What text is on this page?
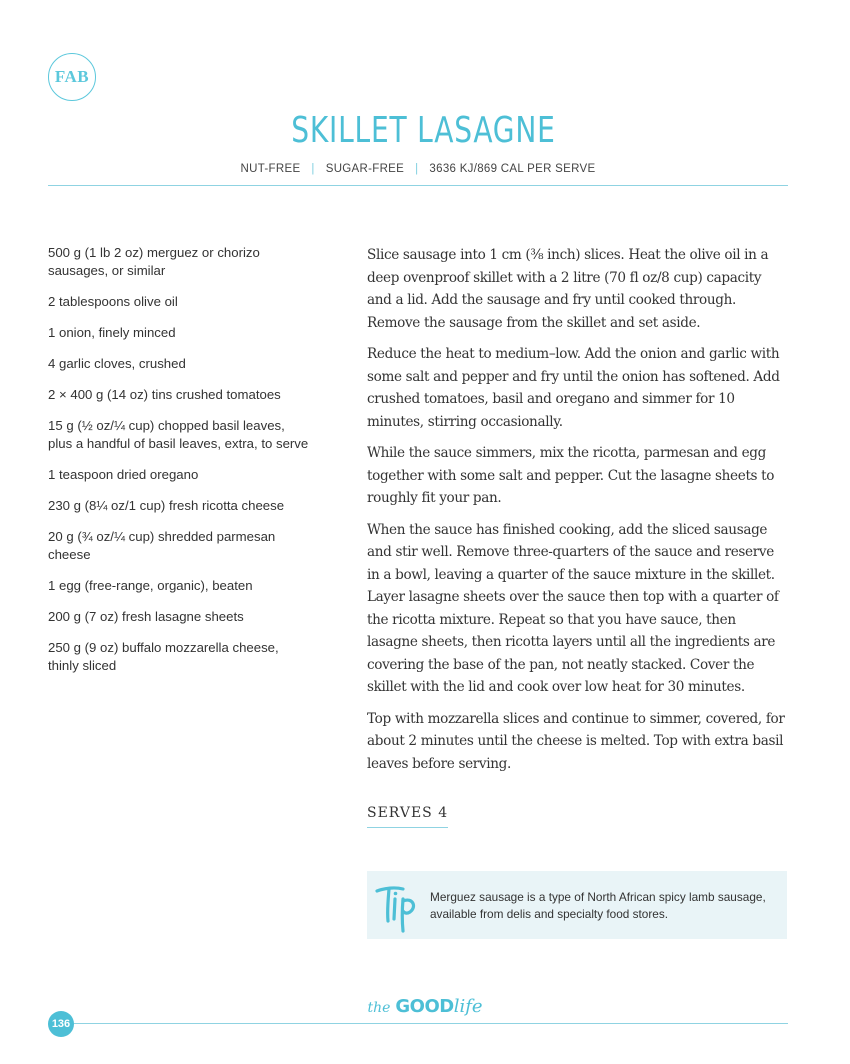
FAB
SKILLET LASAGNE
NUT-FREE | SUGAR-FREE | 3636 KJ/869 CAL PER SERVE
500 g (1 lb 2 oz) merguez or chorizo sausages, or similar
2 tablespoons olive oil
1 onion, finely minced
4 garlic cloves, crushed
2 × 400 g (14 oz) tins crushed tomatoes
15 g (½ oz/¼ cup) chopped basil leaves, plus a handful of basil leaves, extra, to serve
1 teaspoon dried oregano
230 g (8¼ oz/1 cup) fresh ricotta cheese
20 g (¾ oz/¼ cup) shredded parmesan cheese
1 egg (free-range, organic), beaten
200 g (7 oz) fresh lasagne sheets
250 g (9 oz) buffalo mozzarella cheese, thinly sliced

Slice sausage into 1 cm (⅜ inch) slices. Heat the olive oil in a deep ovenproof skillet with a 2 litre (70 fl oz/8 cup) capacity and a lid. Add the sausage and fry until cooked through. Remove the sausage from the skillet and set aside.

Reduce the heat to medium–low. Add the onion and garlic with some salt and pepper and fry until the onion has softened. Add crushed tomatoes, basil and oregano and simmer for 10 minutes, stirring occasionally.

While the sauce simmers, mix the ricotta, parmesan and egg together with some salt and pepper. Cut the lasagne sheets to roughly fit your pan.

When the sauce has finished cooking, add the sliced sausage and stir well. Remove three-quarters of the sauce and reserve in a bowl, leaving a quarter of the sauce mixture in the skillet. Layer lasagne sheets over the sauce then top with a quarter of the ricotta mixture. Repeat so that you have sauce, then lasagne sheets, then ricotta layers until all the ingredients are covering the base of the pan, not neatly stacked. Cover the skillet with the lid and cook over low heat for 30 minutes.

Top with mozzarella slices and continue to simmer, covered, for about 2 minutes until the cheese is melted. Top with extra basil leaves before serving.

SERVES 4
Merguez sausage is a type of North African spicy lamb sausage, available from delis and specialty food stores.
the GOODlife
136
